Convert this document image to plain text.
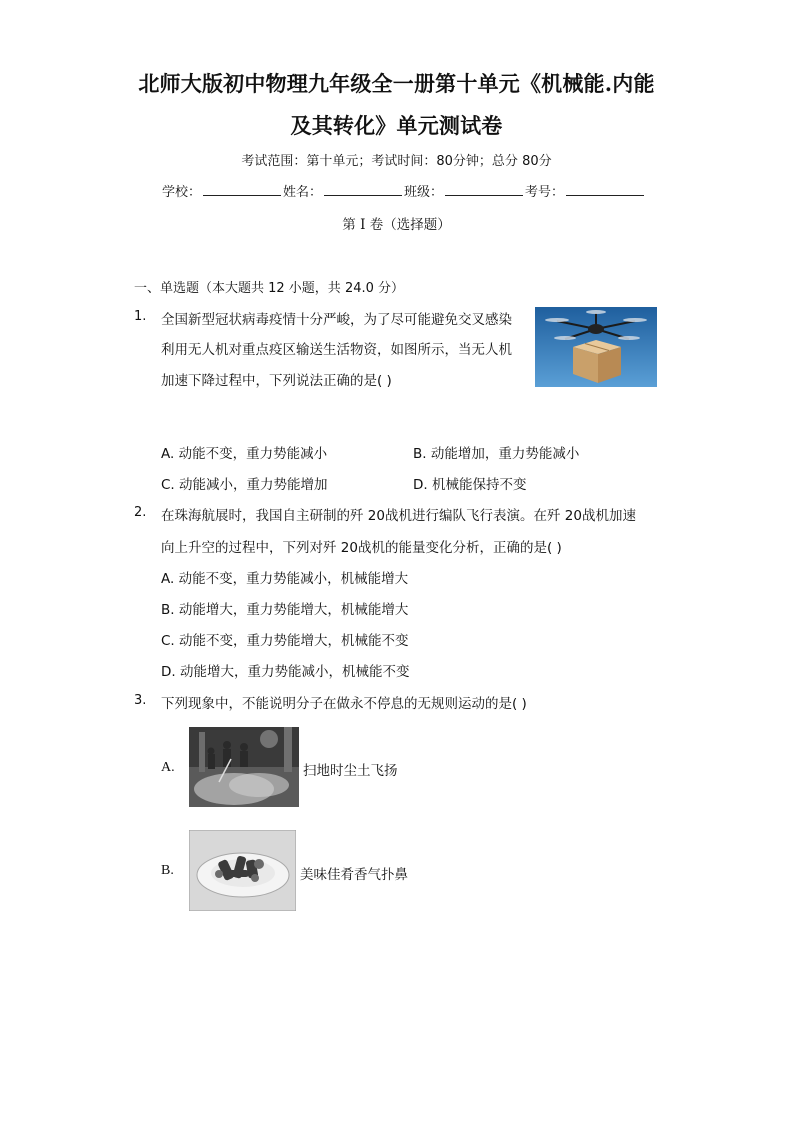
北师大版初中物理九年级全一册第十单元《机械能.内能
及其转化》单元测试卷
考试范围：第十单元；考试时间：80分钟；总分 80分
学校：	姓名：	班级：	考号：
第 I 卷（选择题）
一、单选题（本大题共 12 小题，共 24.0 分）
1. 全国新型冠状病毒疫情十分严峻，为了尽可能避免交叉感染
利用无人机对重点疫区输送生活物资，如图所示，当无人机
加速下降过程中，下列说法正确的是( )
A. 动能不变，重力势能减小	B. 动能增加，重力势能减小
C. 动能减小，重力势能增加	D. 机械能保持不变
2. 在珠海航展时，我国自主研制的歼 20战机进行编队飞行表演。在歼 20战机加速
向上升空的过程中，下列对歼 20战机的能量变化分析，正确的是( )
A. 动能不变，重力势能减小，机械能增大
B. 动能增大，重力势能增大，机械能增大
C. 动能不变，重力势能增大，机械能不变
D. 动能增大，重力势能减小，机械能不变
3. 下列现象中，不能说明分子在做永不停息的无规则运动的是( )
A.	扫地时尘土飞扬
B.	美味佳肴香气扑鼻
